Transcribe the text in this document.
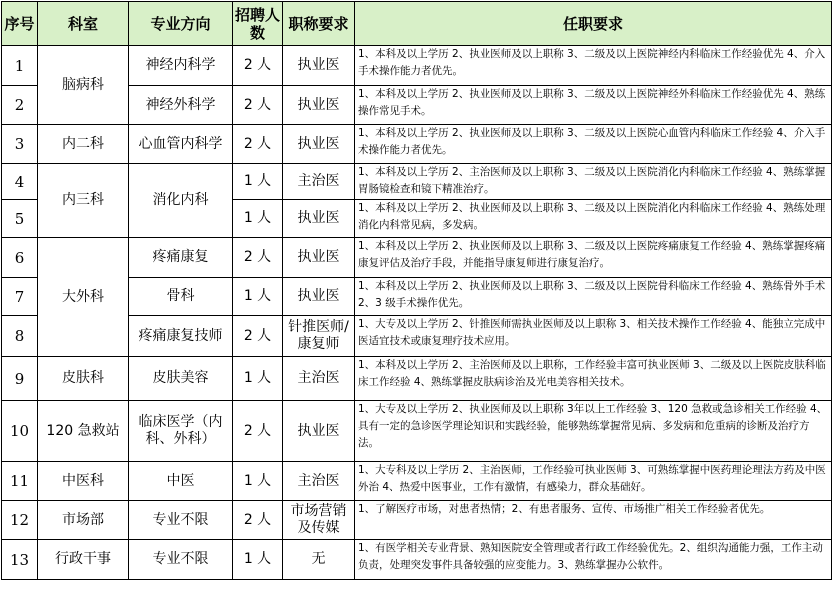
序号	科室	专业方向	招聘人数	职称要求	任职要求
1	脑病科	神经内科学	2 人	执业医	1、本科及以上学历 2、执业医师及以上职称 3、二级及以上医院神经内科临床工作经验优先 4、介入手术操作能力者优先。
2		神经外科学	2 人	执业医	1、本科及以上学历 2、执业医师及以上职称 3、二级及以上医院神经外科临床工作经验优先 4、熟练操作常见手术。
3	内二科	心血管内科学	2 人	执业医	1、本科及以上学历 2、执业医师及以上职称 3、二级及以上医院心血管内科临床工作经验 4、介入手术操作能力者优先。
4	内三科	消化内科	1 人	主治医	1、本科及以上学历 2、主治医师及以上职称 3、二级及以上医院消化内科临床工作经验 4、熟练掌握胃肠镜检查和镜下精准治疗。
5			1 人	执业医	1、本科及以上学历 2、执业医师及以上职称 3、二级及以上医院消化内科临床工作经验 4、熟练处理消化内科常见病，多发病。
6	大外科	疼痛康复	2 人	执业医	1、本科及以上学历 2、执业医师及以上职称 3、二级及以上医院疼痛康复工作经验 4、熟练掌握疼痛康复评估及治疗手段，并能指导康复师进行康复治疗。
7		骨科	1 人	执业医	1、本科及以上学历 2、执业医师及以上职称 3、二级及以上医院骨科临床工作经验 4、熟练骨外手术 2、3 级手术操作优先。
8		疼痛康复技师	2 人	针推医师/康复师	1、大专及以上学历 2、针推医师需执业医师及以上职称 3、相关技术操作工作经验 4、能独立完成中医适宜技术或康复理疗技术应用。
9	皮肤科	皮肤美容	1 人	主治医	1、本科及以上学历 2、主治医师及以上职称，工作经验丰富可执业医师 3、二级及以上医院皮肤科临床工作经验 4、熟练掌握皮肤病诊治及光电美容相关技术。
10	120 急救站	临床医学（内科、外科）	2 人	执业医	1、大专及以上学历 2、执业医师及以上职称 3年以上工作经验 3、120 急救或急诊相关工作经验 4、具有一定的急诊医学理论知识和实践经验，能够熟练掌握常见病、多发病和危重病的诊断及治疗方法。
11	中医科	中医	1 人	主治医	1、大专科及以上学历 2、主治医师，工作经验可执业医师 3、可熟练掌握中医药理论理法方药及中医外治 4、热爱中医事业，工作有激情，有感染力，群众基础好。
12	市场部	专业不限	2 人	市场营销及传媒	1、了解医疗市场，对患者热情；2、有患者服务、宣传、市场推广相关工作经验者优先。
13	行政干事	专业不限	1 人	无	1、有医学相关专业背景、熟知医院安全管理或者行政工作经验优先。2、组织沟通能力强，工作主动负责，处理突发事件具备较强的应变能力。3、熟练掌握办公软件。
